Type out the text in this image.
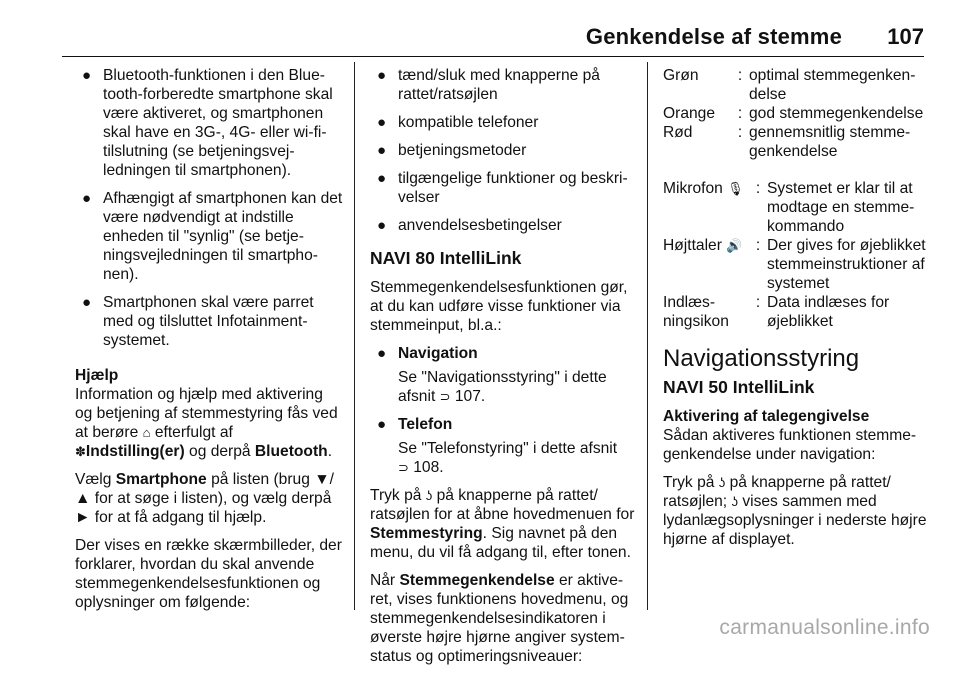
Genkendelse af stemme 107
● Bluetooth-funktionen i den Bluetooth-forberedte smartphone skal være aktiveret, og smartphonen skal have en 3G-, 4G- eller wi-fi-tilslutning (se betjeningsvejledningen til smartphonen).
● Afhængigt af smartphonen kan det være nødvendigt at indstille enheden til "synlig" (se betjeningsvejledningen til smartphonen).
● Smartphonen skal være parret med og tilsluttet Infotainmentsystemet.

Hjælp

Information og hjælp med aktivering og betjening af stemmestyring fås ved at berøre ⌂ efterfulgt af
✽Indstilling(er) og derpå Bluetooth.

Vælg Smartphone på listen (brug ▼/▲ for at søge i listen), og vælg derpå ► for at få adgang til hjælp.

Der vises en række skærmbilleder, der forklarer, hvordan du skal anvende stemmegenkendelsesfunktionen og oplysninger om følgende:

● tænd/sluk med knapperne på rattet/ratsøjlen
● kompatible telefoner
● betjeningsmetoder
● tilgængelige funktioner og beskrivelser
● anvendelsesbetingelser
NAVI 80 IntelliLink

Stemmegenkendelsesfunktionen gør, at du kan udføre visse funktioner via stemmeinput, bl.a.:

● Navigation
Se "Navigationsstyring" i dette afsnit ⊃ 107.
● Telefon
Se "Telefonstyring" i dette afsnit
⊃ 108.

Tryk på ʖ på knapperne på rattet/ ratsøjlen for at åbne hovedmenuen for Stemmestyring. Sig navnet på den menu, du vil få adgang til, efter tonen.

Når Stemmegenkendelse er aktiveret, vises funktionens hovedmenu, og stemmegenkendelsesindikatoren i øverste højre hjørne angiver systemstatus og optimeringsniveauer:

Grøn	:	optimal stemmegenkendelse
Orange	:	god stemmegenkendelse
Rød	:	gennemsnitlig stemmegenkendelse
Mikrofon 🎙	:	Systemet er klar til at modtage en stemmekommando
Højttaler 🔊	:	Der gives for øjeblikket stemmeinstruktioner af systemet
Indlæsningsikon	:	Data indlæses for øjeblikket
Navigationsstyring
NAVI 50 IntelliLink

Aktivering af talegengivelse

Sådan aktiveres funktionen stemmegenkendelse under navigation:

Tryk på ʖ på knapperne på rattet/ ratsøjlen; ʖ vises sammen med lydanlægsoplysninger i nederste højre hjørne af displayet.

carmanualsonline.info
